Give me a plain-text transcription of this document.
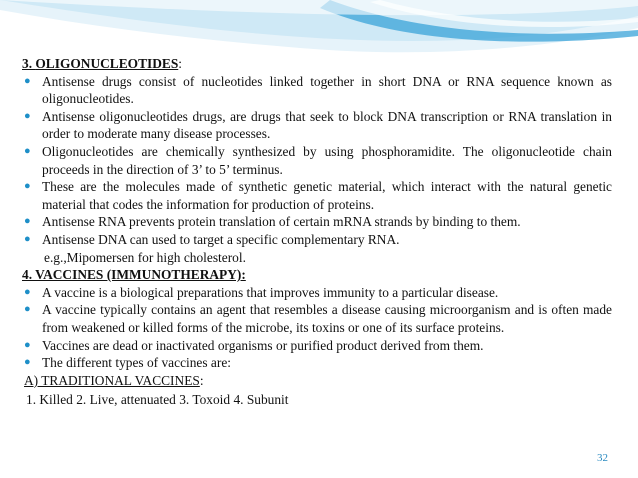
3. OLIGONUCLEOTIDES:
● Antisense drugs consist of nucleotides linked together in short DNA or RNA sequence known as oligonucleotides.
● Antisense oligonucleotides drugs, are drugs that seek to block DNA transcription or RNA translation in order to moderate many disease processes.
● Oligonucleotides are chemically synthesized by using phosphoramidite. The oligonucleotide chain proceeds in the direction of 3’ to 5’ terminus.
● These are the molecules made of synthetic genetic material, which interact with the natural genetic material that codes the information for production of proteins.
● Antisense RNA prevents protein translation of certain mRNA strands by binding to them.
● Antisense DNA can used to target a specific complementary RNA.
e.g.,Mipomersen for high cholesterol.
4. VACCINES (IMMUNOTHERAPY):
● A vaccine is a biological preparations that improves immunity to a particular disease.
● A vaccine typically contains an agent that resembles a disease causing microorganism and is often made from weakened or killed forms of the microbe, its toxins or one of its surface proteins.
● Vaccines are dead or inactivated organisms or purified product derived from them.
● The different types of vaccines are:
A) TRADITIONAL VACCINES:
1. Killed 2. Live, attenuated 3. Toxoid 4. Subunit
32
